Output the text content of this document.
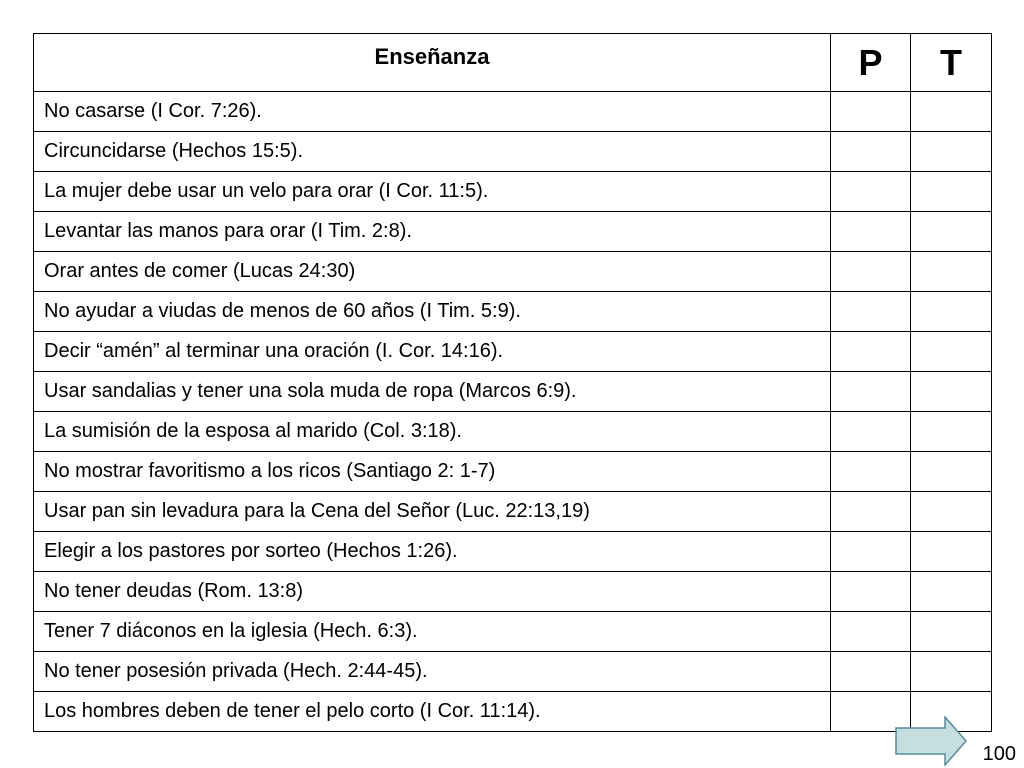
Enseñanza	P	T
No casarse (I Cor. 7:26).		
Circuncidarse (Hechos 15:5).		
La mujer debe usar un velo para orar (I Cor. 11:5).		
Levantar las manos para orar (I Tim. 2:8).		
Orar antes de comer (Lucas 24:30)		
No ayudar a viudas de menos de 60 años (I Tim. 5:9).		
Decir “amén” al terminar una oración (I. Cor. 14:16).		
Usar sandalias y tener una sola muda de ropa (Marcos 6:9).		
La sumisión de la esposa al marido (Col. 3:18).		
No mostrar favoritismo a los ricos (Santiago 2: 1-7)		
Usar pan sin levadura para la Cena del Señor (Luc. 22:13,19)		
Elegir a los pastores por sorteo (Hechos 1:26).		
No tener deudas (Rom. 13:8)		
Tener 7 diáconos en la iglesia (Hech. 6:3).		
No tener posesión privada (Hech. 2:44-45).		
Los hombres deben de tener el pelo corto (I Cor. 11:14).		
100
